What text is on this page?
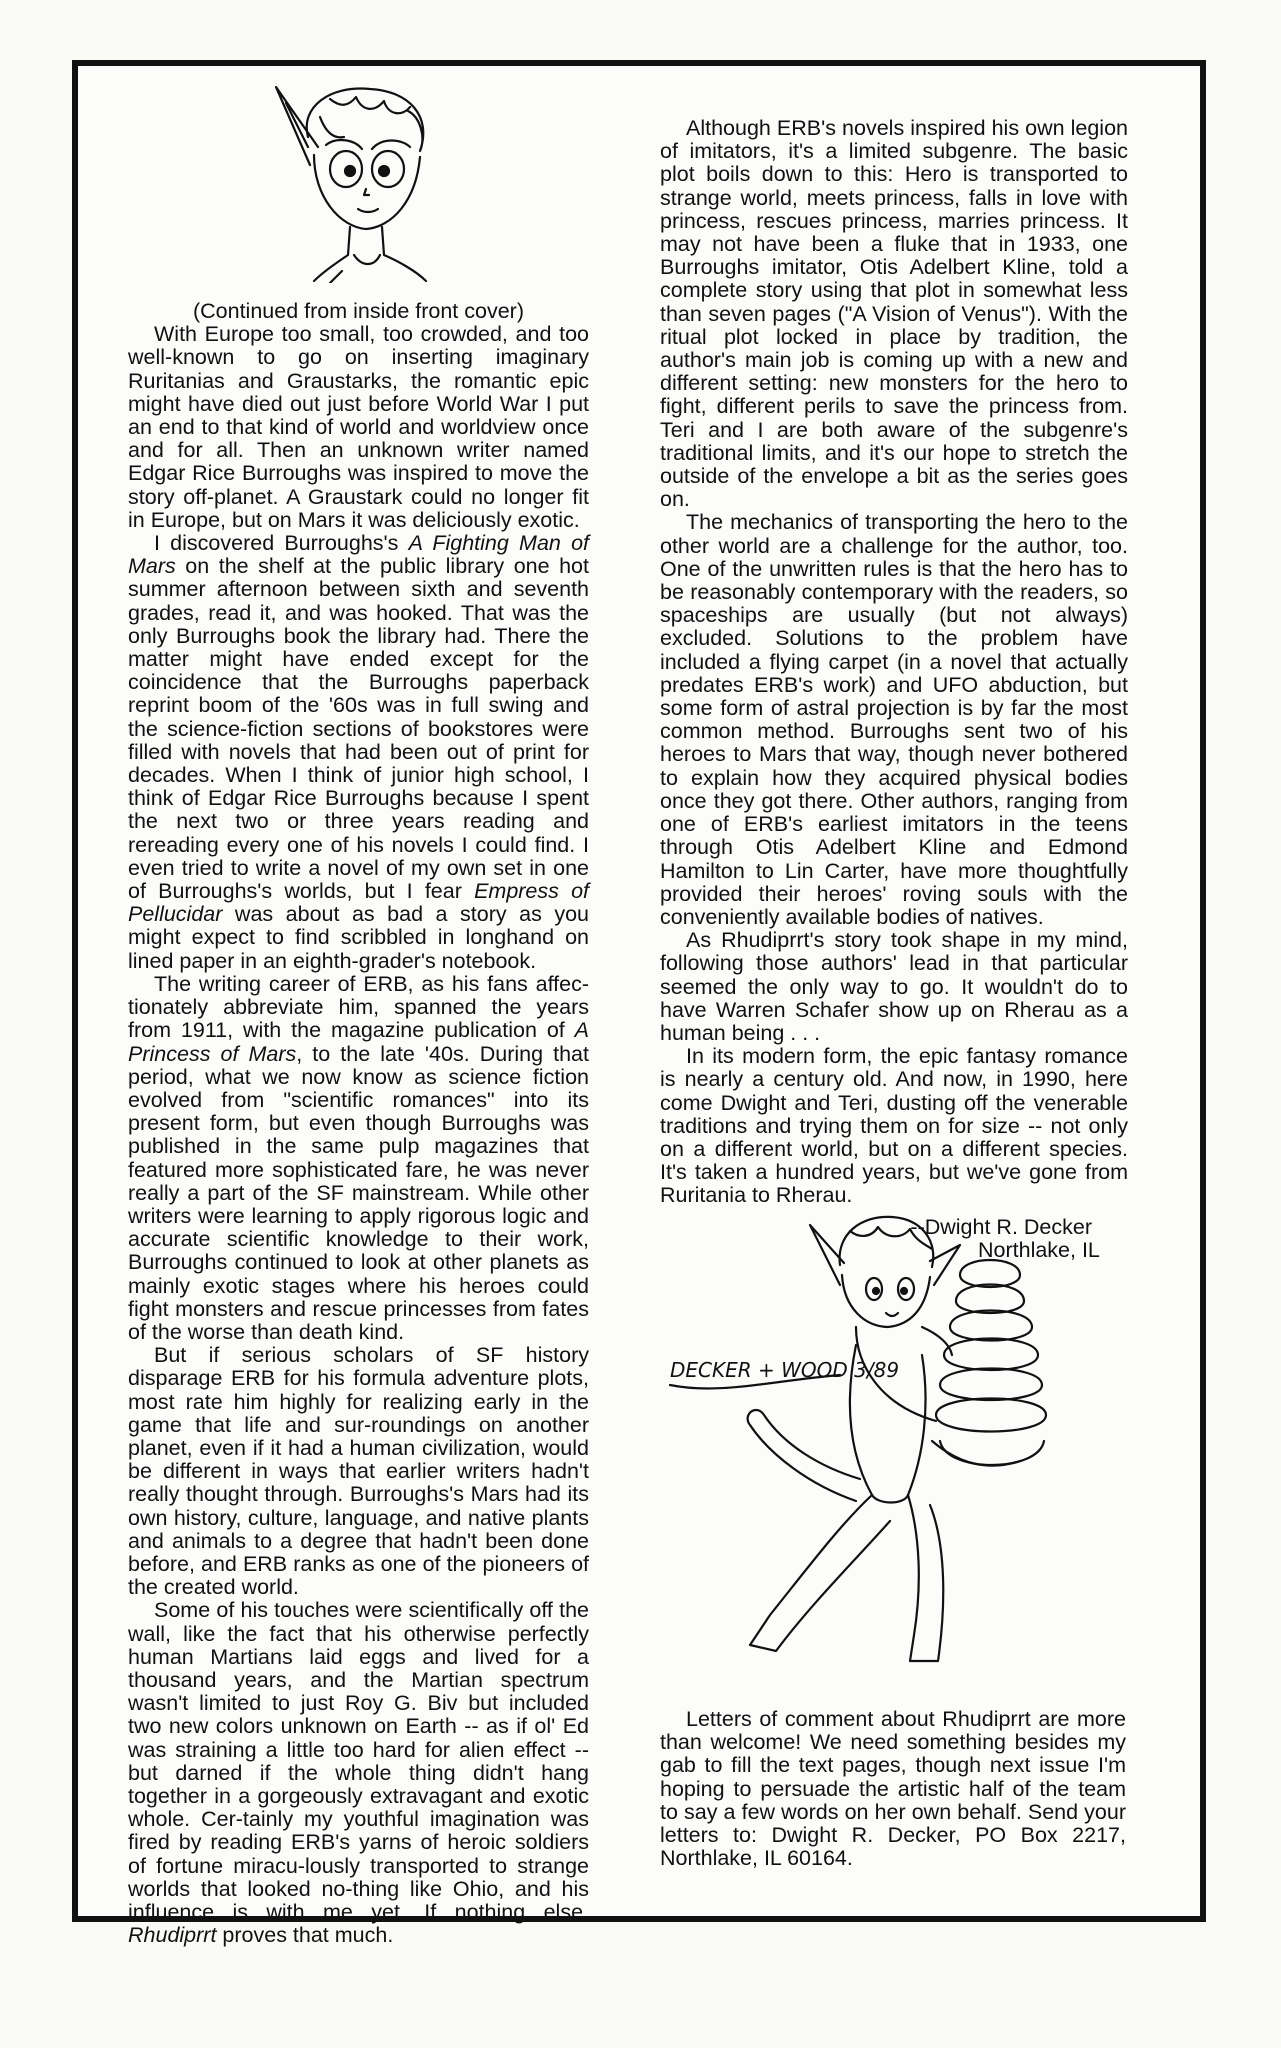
(Continued from inside front cover)

With Europe too small, too crowded, and too well-known to go on inserting imaginary Ruritanias and Graustarks, the romantic epic might have died out just before World War I put an end to that kind of world and worldview once and for all. Then an unknown writer named Edgar Rice Burroughs was inspired to move the story off-planet. A Graustark could no longer fit in Europe, but on Mars it was deliciously exotic.

I discovered Burroughs's A Fighting Man of Mars on the shelf at the public library one hot summer afternoon between sixth and seventh grades, read it, and was hooked. That was the only Burroughs book the library had. There the matter might have ended except for the coincidence that the Burroughs paperback reprint boom of the '60s was in full swing and the science-fiction sections of bookstores were filled with novels that had been out of print for decades. When I think of junior high school, I think of Edgar Rice Burroughs because I spent the next two or three years reading and rereading every one of his novels I could find. I even tried to write a novel of my own set in one of Burroughs's worlds, but I fear Empress of Pellucidar was about as bad a story as you might expect to find scribbled in longhand on lined paper in an eighth-grader's notebook.

The writing career of ERB, as his fans affec-tionately abbreviate him, spanned the years from 1911, with the magazine publication of A Princess of Mars, to the late '40s. During that period, what we now know as science fiction evolved from "scientific romances" into its present form, but even though Burroughs was published in the same pulp magazines that featured more sophisticated fare, he was never really a part of the SF mainstream. While other writers were learning to apply rigorous logic and accurate scientific knowledge to their work, Burroughs continued to look at other planets as mainly exotic stages where his heroes could fight monsters and rescue princesses from fates of the worse than death kind.

But if serious scholars of SF history disparage ERB for his formula adventure plots, most rate him highly for realizing early in the game that life and sur-roundings on another planet, even if it had a human civilization, would be different in ways that earlier writers hadn't really thought through. Burroughs's Mars had its own history, culture, language, and native plants and animals to a degree that hadn't been done before, and ERB ranks as one of the pioneers of the created world.

Some of his touches were scientifically off the wall, like the fact that his otherwise perfectly human Martians laid eggs and lived for a thousand years, and the Martian spectrum wasn't limited to just Roy G. Biv but included two new colors unknown on Earth -- as if ol' Ed was straining a little too hard for alien effect -- but darned if the whole thing didn't hang together in a gorgeously extravagant and exotic whole. Cer-tainly my youthful imagination was fired by reading ERB's yarns of heroic soldiers of fortune miracu-lously transported to strange worlds that looked no-thing like Ohio, and his influence is with me yet. If nothing else, Rhudiprrt proves that much.

Although ERB's novels inspired his own legion of imitators, it's a limited subgenre. The basic plot boils down to this: Hero is transported to strange world, meets princess, falls in love with princess, rescues princess, marries princess. It may not have been a fluke that in 1933, one Burroughs imitator, Otis Adelbert Kline, told a complete story using that plot in somewhat less than seven pages ("A Vision of Venus"). With the ritual plot locked in place by tradition, the author's main job is coming up with a new and different setting: new monsters for the hero to fight, different perils to save the princess from. Teri and I are both aware of the subgenre's traditional limits, and it's our hope to stretch the outside of the envelope a bit as the series goes on.

The mechanics of transporting the hero to the other world are a challenge for the author, too. One of the unwritten rules is that the hero has to be reasonably contemporary with the readers, so spaceships are usually (but not always) excluded. Solutions to the problem have included a flying carpet (in a novel that actually predates ERB's work) and UFO abduction, but some form of astral projection is by far the most common method. Burroughs sent two of his heroes to Mars that way, though never bothered to explain how they acquired physical bodies once they got there. Other authors, ranging from one of ERB's earliest imitators in the teens through Otis Adelbert Kline and Edmond Hamilton to Lin Carter, have more thoughtfully provided their heroes' roving souls with the conveniently available bodies of natives.

As Rhudiprrt's story took shape in my mind, following those authors' lead in that particular seemed the only way to go. It wouldn't do to have Warren Schafer show up on Rherau as a human being . . .

In its modern form, the epic fantasy romance is nearly a century old. And now, in 1990, here come Dwight and Teri, dusting off the venerable traditions and trying them on for size -- not only on a different world, but on a different species. It's taken a hundred years, but we've gone from Ruritania to Rherau.

--Dwight R. Decker

Northlake, IL

DECKER + WOOD 3/89

Letters of comment about Rhudiprrt are more than welcome! We need something besides my gab to fill the text pages, though next issue I'm hoping to persuade the artistic half of the team to say a few words on her own behalf. Send your letters to: Dwight R. Decker, PO Box 2217, Northlake, IL 60164.
